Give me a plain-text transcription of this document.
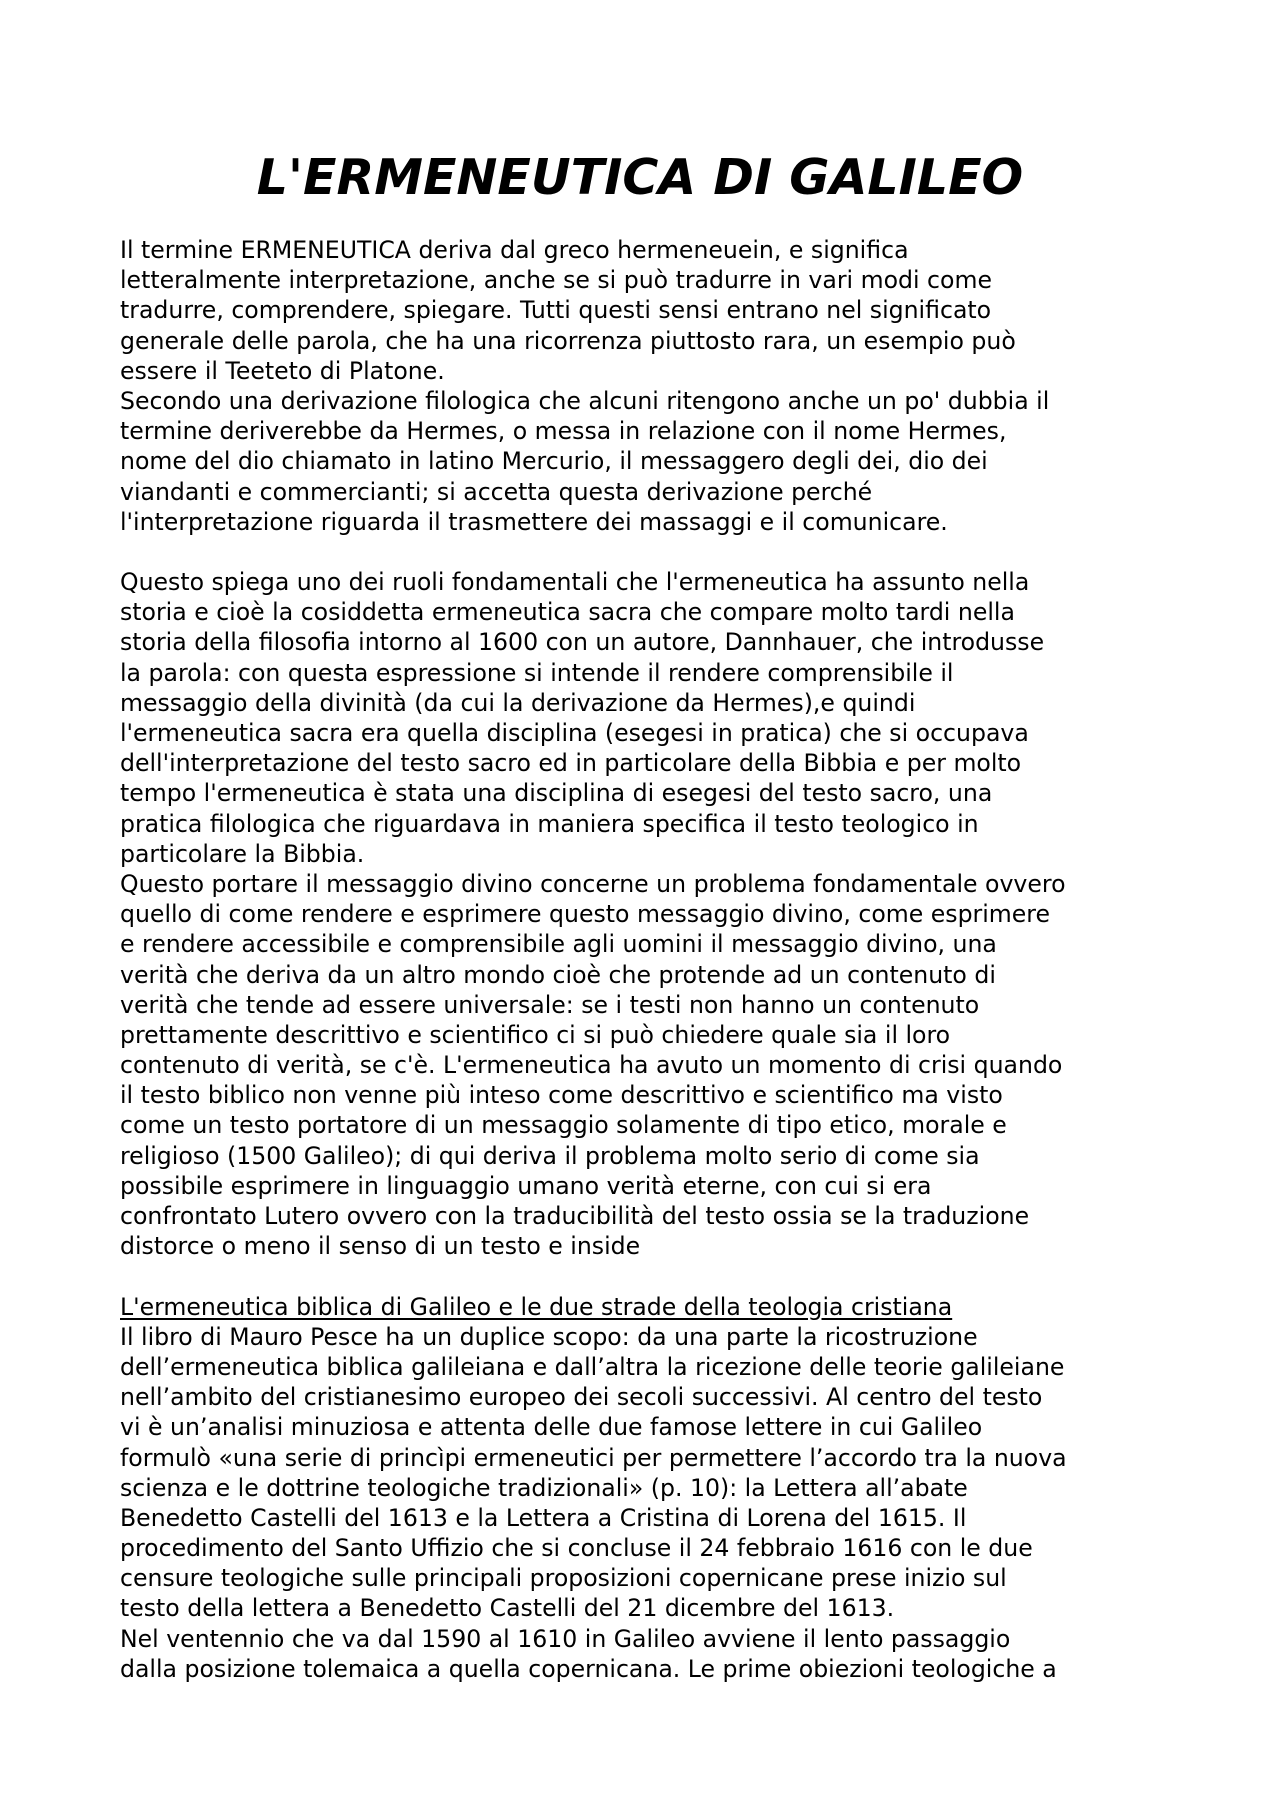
L'ERMENEUTICA DI GALILEO
Il termine ERMENEUTICA deriva dal greco hermeneuein, e significa
letteralmente interpretazione, anche se si può tradurre in vari modi come
tradurre, comprendere, spiegare. Tutti questi sensi entrano nel significato
generale delle parola, che ha una ricorrenza piuttosto rara, un esempio può
essere il Teeteto di Platone.
Secondo una derivazione filologica che alcuni ritengono anche un po' dubbia il
termine deriverebbe da Hermes, o messa in relazione con il nome Hermes,
nome del dio chiamato in latino Mercurio, il messaggero degli dei, dio dei
viandanti e commercianti; si accetta questa derivazione perché
l'interpretazione riguarda il trasmettere dei massaggi e il comunicare.
Questo spiega uno dei ruoli fondamentali che l'ermeneutica ha assunto nella
storia e cioè la cosiddetta ermeneutica sacra che compare molto tardi nella
storia della filosofia intorno al 1600 con un autore, Dannhauer, che introdusse
la parola: con questa espressione si intende il rendere comprensibile il
messaggio della divinità (da cui la derivazione da Hermes),e quindi
l'ermeneutica sacra era quella disciplina (esegesi in pratica) che si occupava
dell'interpretazione del testo sacro ed in particolare della Bibbia e per molto
tempo l'ermeneutica è stata una disciplina di esegesi del testo sacro, una
pratica filologica che riguardava in maniera specifica il testo teologico in
particolare la Bibbia.
Questo portare il messaggio divino concerne un problema fondamentale ovvero
quello di come rendere e esprimere questo messaggio divino, come esprimere
e rendere accessibile e comprensibile agli uomini il messaggio divino, una
verità che deriva da un altro mondo cioè che protende ad un contenuto di
verità che tende ad essere universale: se i testi non hanno un contenuto
prettamente descrittivo e scientifico ci si può chiedere quale sia il loro
contenuto di verità, se c'è. L'ermeneutica ha avuto un momento di crisi quando
il testo biblico non venne più inteso come descrittivo e scientifico ma visto
come un testo portatore di un messaggio solamente di tipo etico, morale e
religioso (1500 Galileo); di qui deriva il problema molto serio di come sia
possibile esprimere in linguaggio umano verità eterne, con cui si era
confrontato Lutero ovvero con la traducibilità del testo ossia se la traduzione
distorce o meno il senso di un testo e inside
L'ermeneutica biblica di Galileo e le due strade della teologia cristiana
Il libro di Mauro Pesce ha un duplice scopo: da una parte la ricostruzione
dell’ermeneutica biblica galileiana e dall’altra la ricezione delle teorie galileiane
nell’ambito del cristianesimo europeo dei secoli successivi. Al centro del testo
vi è un’analisi minuziosa e attenta delle due famose lettere in cui Galileo
formulò «una serie di princìpi ermeneutici per permettere l’accordo tra la nuova
scienza e le dottrine teologiche tradizionali» (p. 10): la Lettera all’abate
Benedetto Castelli del 1613 e la Lettera a Cristina di Lorena del 1615. Il
procedimento del Santo Uffizio che si concluse il 24 febbraio 1616 con le due
censure teologiche sulle principali proposizioni copernicane prese inizio sul
testo della lettera a Benedetto Castelli del 21 dicembre del 1613.
Nel ventennio che va dal 1590 al 1610 in Galileo avviene il lento passaggio
dalla posizione tolemaica a quella copernicana. Le prime obiezioni teologiche a
